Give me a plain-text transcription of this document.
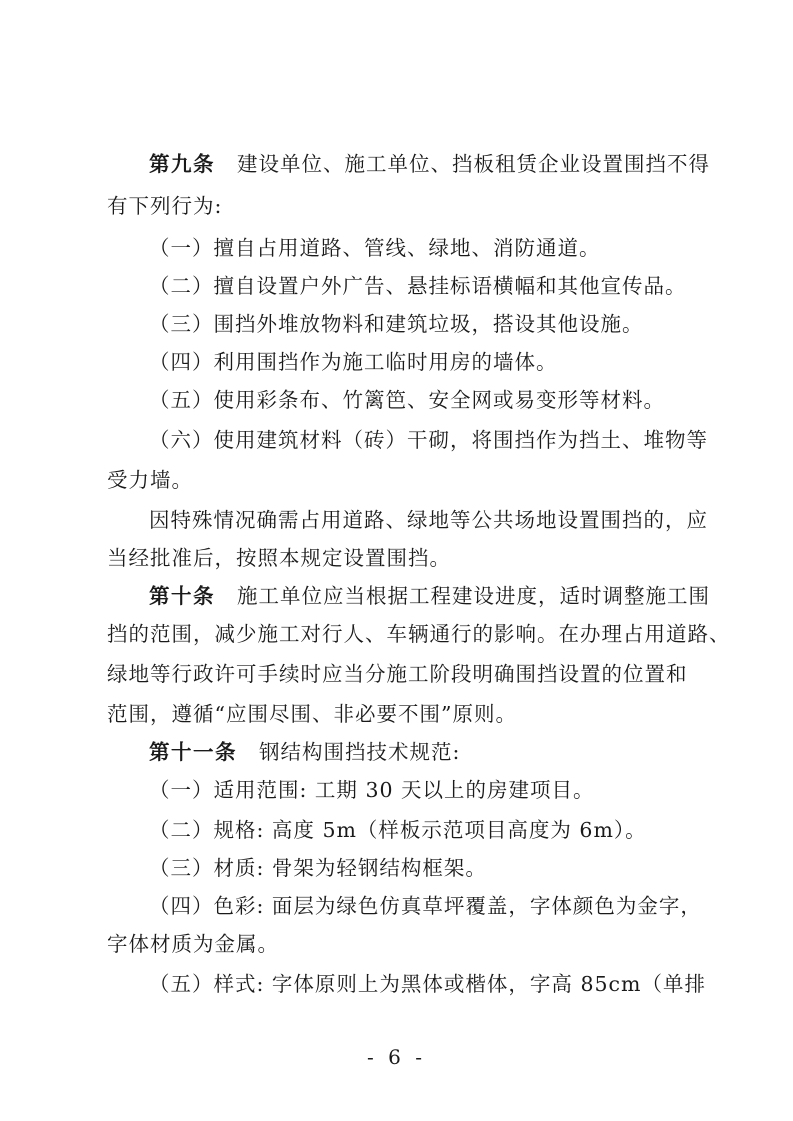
第九条 建设单位、施工单位、挡板租赁企业设置围挡不得
有下列行为:
（一）擅自占用道路、管线、绿地、消防通道。
（二）擅自设置户外广告、悬挂标语横幅和其他宣传品。
（三）围挡外堆放物料和建筑垃圾，搭设其他设施。
（四）利用围挡作为施工临时用房的墙体。
（五）使用彩条布、竹篱笆、安全网或易变形等材料。
（六）使用建筑材料（砖）干砌，将围挡作为挡土、堆物等
受力墙。
因特殊情况确需占用道路、绿地等公共场地设置围挡的，应
当经批准后，按照本规定设置围挡。
第十条 施工单位应当根据工程建设进度，适时调整施工围
挡的范围，减少施工对行人、车辆通行的影响。在办理占用道路、
绿地等行政许可手续时应当分施工阶段明确围挡设置的位置和
范围，遵循“应围尽围、非必要不围”原则。
第十一条 钢结构围挡技术规范:
（一）适用范围: 工期 30 天以上的房建项目。
（二）规格: 高度 5m（样板示范项目高度为 6m）。
（三）材质: 骨架为轻钢结构框架。
（四）色彩: 面层为绿色仿真草坪覆盖，字体颜色为金字，
字体材质为金属。
（五）样式: 字体原则上为黑体或楷体，字高 85cm（单排
- 6 -
